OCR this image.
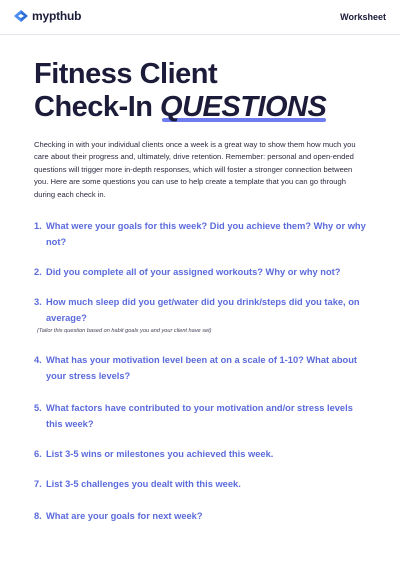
mypthub	Worksheet
Fitness Client
Check-In QUESTIONS

Checking in with your individual clients once a week is a great way to show them how much you care about their progress and, ultimately, drive retention. Remember: personal and open-ended questions will trigger more in-depth responses, which will foster a stronger connection between you. Here are some questions you can use to help create a template that you can go through during each check in.

1. What were your goals for this week? Did you achieve them? Why or why not?
2. Did you complete all of your assigned workouts? Why or why not?
3. How much sleep did you get/water did you drink/steps did you take, on average?
(Tailor this question based on habit goals you and your client have set)
4. What has your motivation level been at on a scale of 1-10? What about your stress levels?
5. What factors have contributed to your motivation and/or stress levels this week?
6. List 3-5 wins or milestones you achieved this week.
7. List 3-5 challenges you dealt with this week.
8. What are your goals for next week?
